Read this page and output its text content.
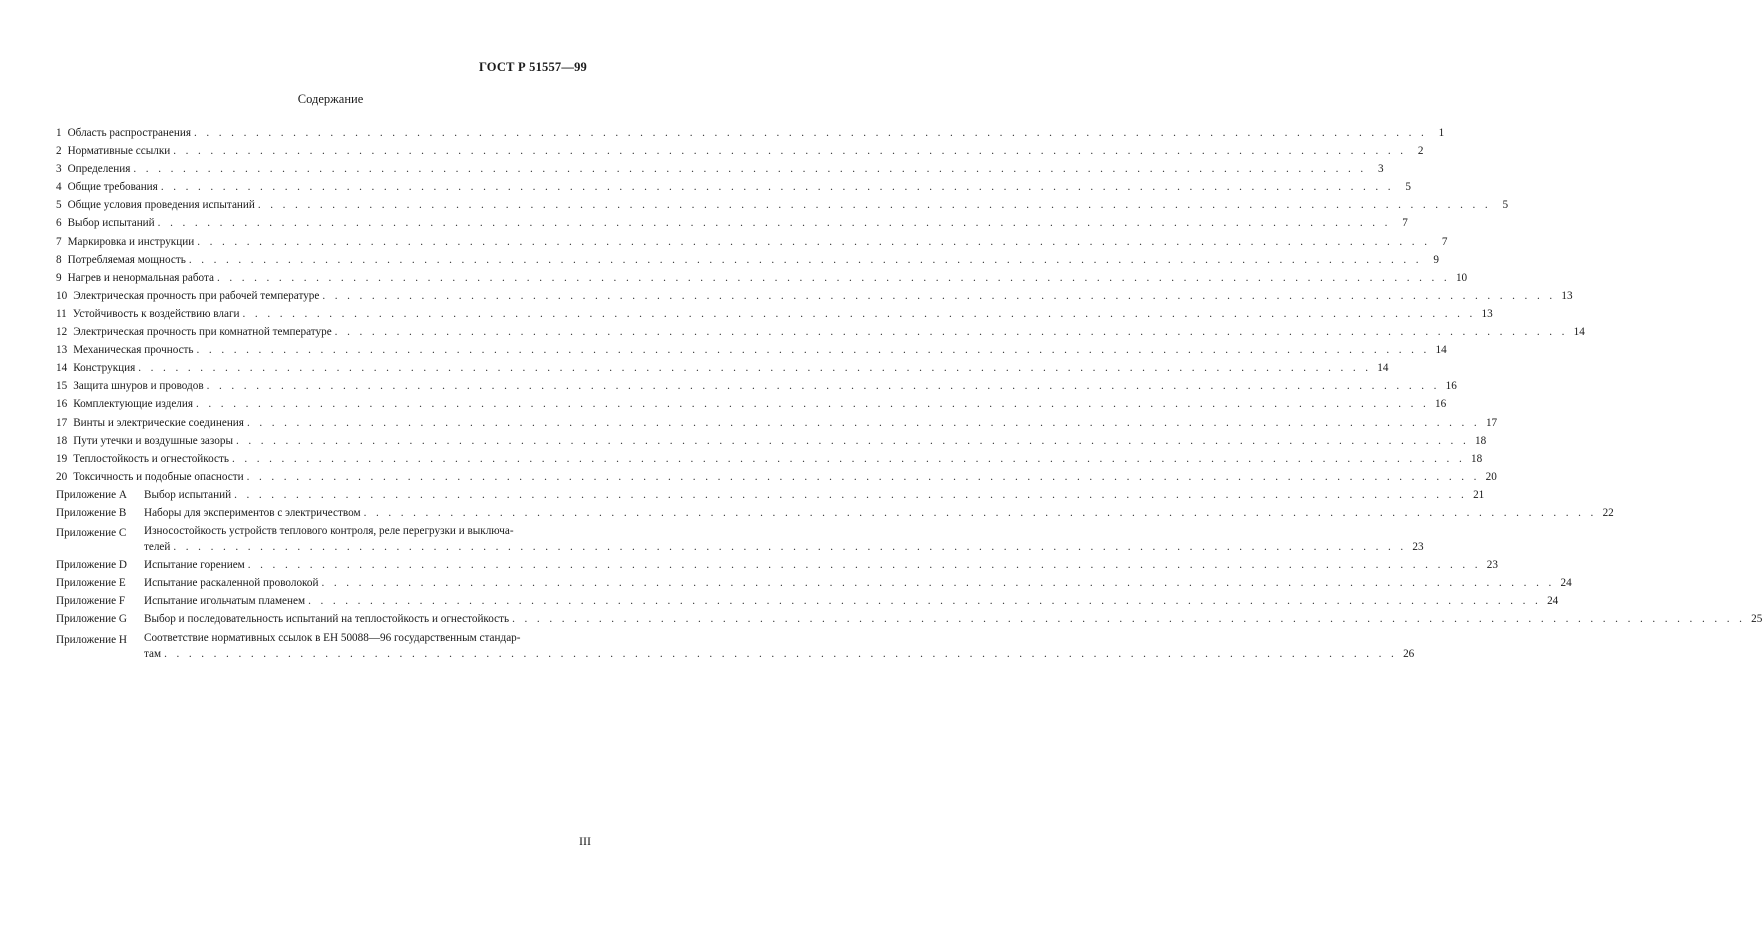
ГОСТ Р 51557—99
Содержание
1 Область распространения . . .	1
2 Нормативные ссылки . . .	2
3 Определения . . .	3
4 Общие требования . . .	5
5 Общие условия проведения испытаний . . .	5
6 Выбор испытаний . . .	7
7 Маркировка и инструкции . . .	7
8 Потребляемая мощность . . .	9
9 Нагрев и ненормальная работа . . .	10
10 Электрическая прочность при рабочей температуре . . .	13
11 Устойчивость к воздействию влаги . . .	13
12 Электрическая прочность при комнатной температуре . . .	14
13 Механическая прочность . . .	14
14 Конструкция . . .	14
15 Защита шнуров и проводов . . .	16
16 Комплектующие изделия . . .	16
17 Винты и электрические соединения . . .	17
18 Пути утечки и воздушные зазоры . . .	18
19 Теплостойкость и огнестойкость . . .	18
20 Токсичность и подобные опасности . . .	20
Приложение А	Выбор испытаний . . .	21
Приложение В	Наборы для экспериментов с электричеством . . .	22
Приложение С	Износостойкость устройств теплового контроля, реле перегрузки и выключа-
телей . . .	23
Приложение D	Испытание горением . . .	23
Приложение Е	Испытание раскаленной проволокой . . .	24
Приложение F	Испытание игольчатым пламенем . . .	24
Приложение G	Выбор и последовательность испытаний на теплостойкость и огнестойкость . . .	25
Приложение Н	Соответствие нормативных ссылок в ЕН 50088—96 государственным стандар-
там . . .	26
III
